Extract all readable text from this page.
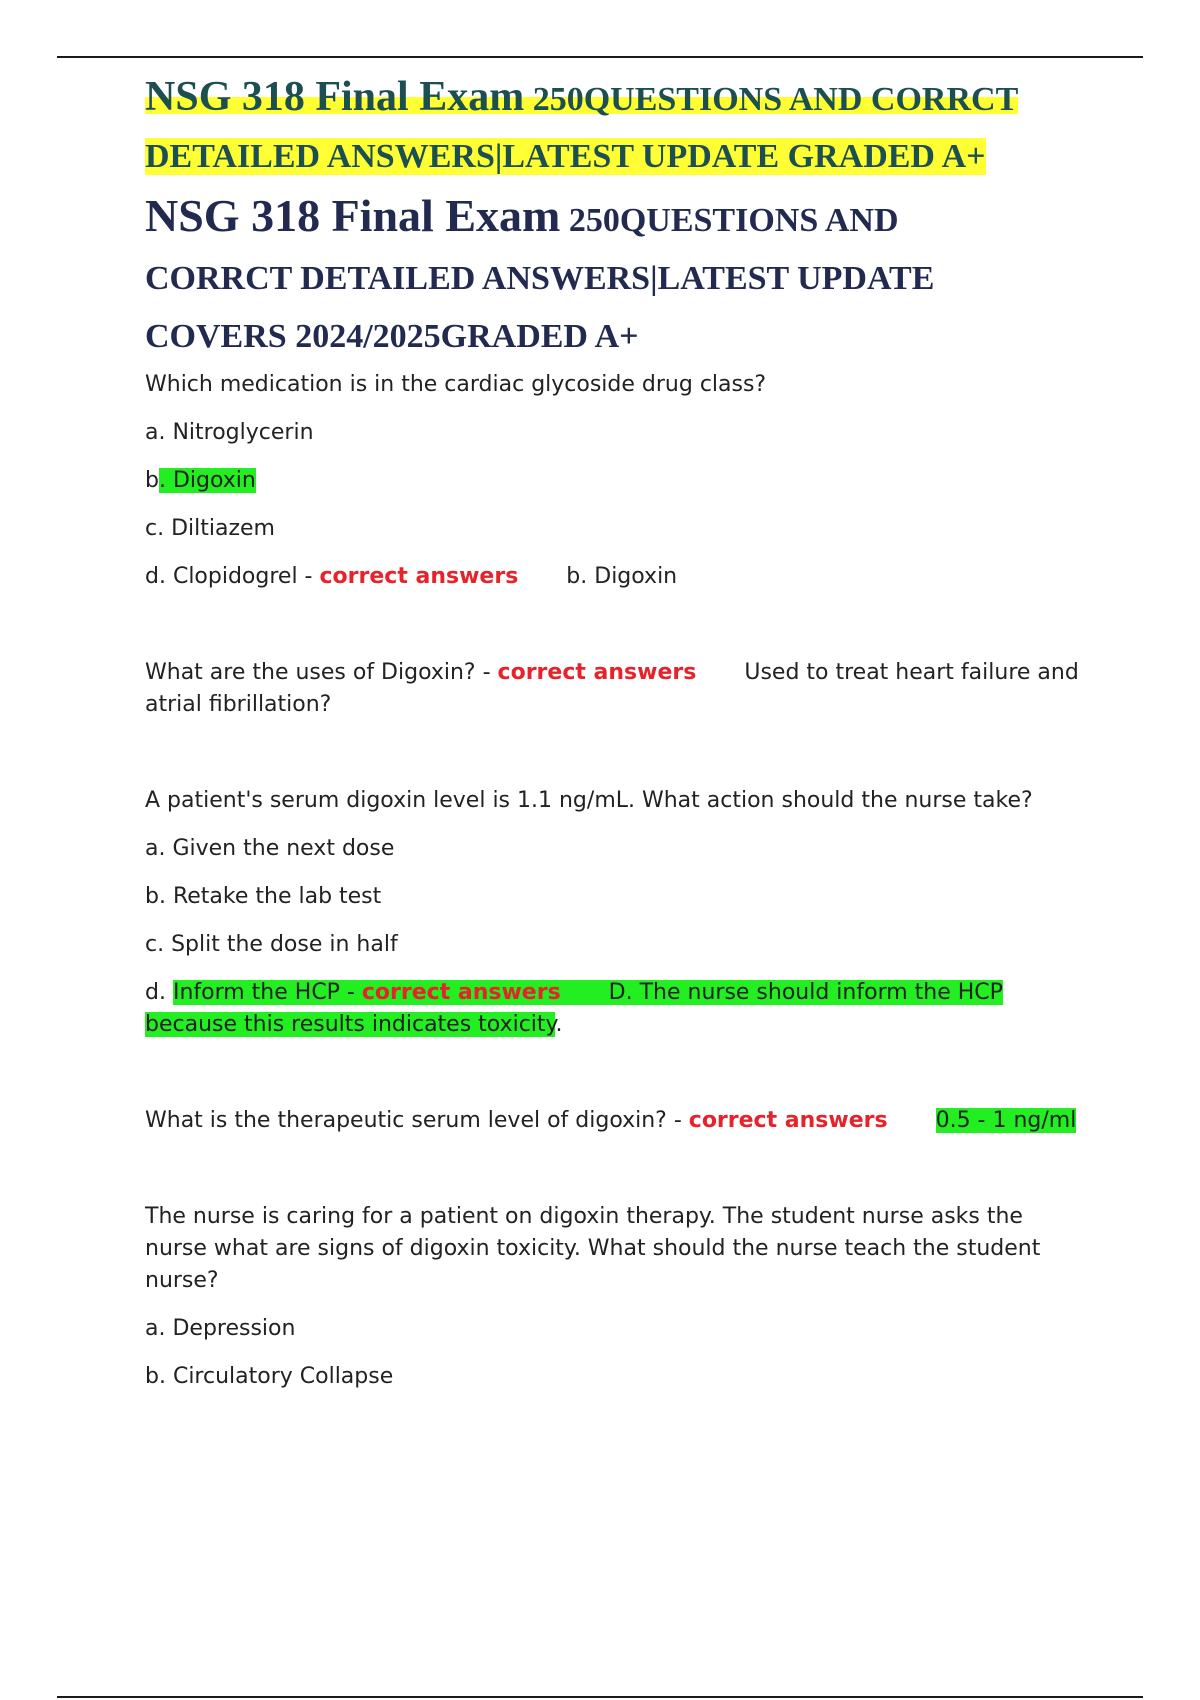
NSG 318 Final Exam 250QUESTIONS AND CORRCT
DETAILED ANSWERS|LATEST UPDATE GRADED A+
NSG 318 Final Exam 250QUESTIONS AND
CORRCT DETAILED ANSWERS|LATEST UPDATE
COVERS 2024/2025GRADED A+

Which medication is in the cardiac glycoside drug class?

a. Nitroglycerin

b. Digoxin

c. Diltiazem

d. Clopidogrel - correct answers b. Digoxin

What are the uses of Digoxin? - correct answers Used to treat heart failure and atrial fibrillation?

A patient's serum digoxin level is 1.1 ng/mL. What action should the nurse take?

a. Given the next dose

b. Retake the lab test

c. Split the dose in half

d. Inform the HCP - correct answers D. The nurse should inform the HCP because this results indicates toxicity.

What is the therapeutic serum level of digoxin? - correct answers 0.5 - 1 ng/ml

The nurse is caring for a patient on digoxin therapy. The student nurse asks the nurse what are signs of digoxin toxicity. What should the nurse teach the student nurse?

a. Depression

b. Circulatory Collapse
